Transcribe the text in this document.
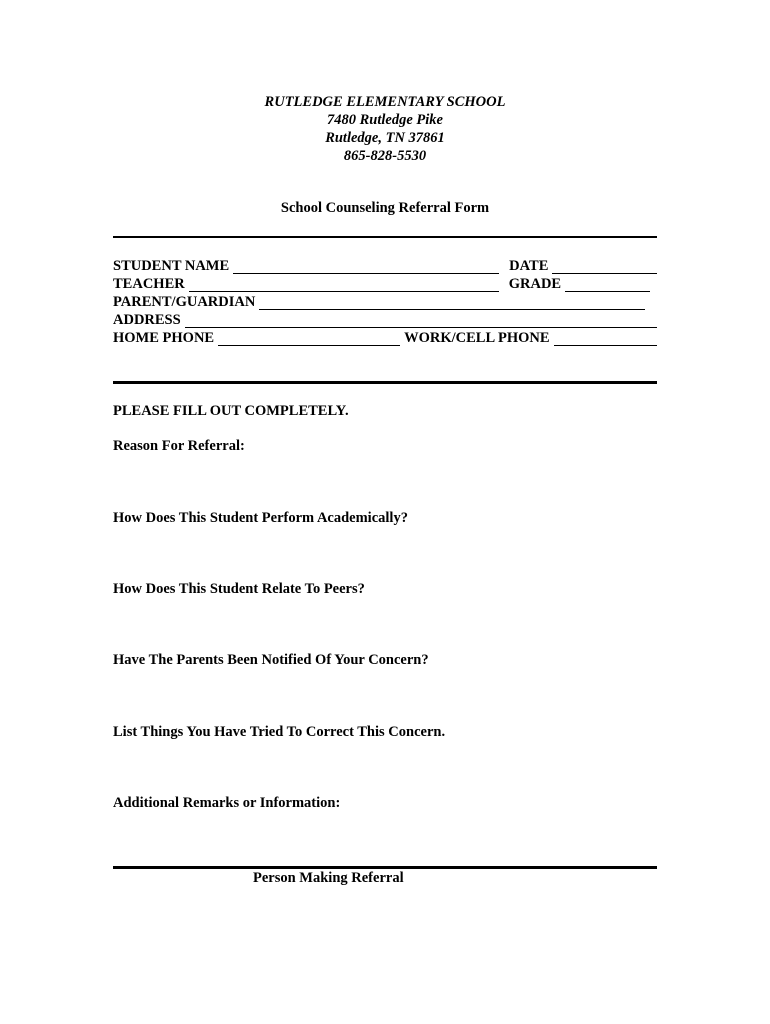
RUTLEDGE ELEMENTARY SCHOOL
7480 Rutledge Pike
Rutledge, TN 37861
865-828-5530
School Counseling Referral Form
STUDENT NAME	DATE
TEACHER	GRADE
PARENT/GUARDIAN
ADDRESS
HOME PHONE	WORK/CELL PHONE
PLEASE FILL OUT COMPLETELY.
Reason For Referral:
How Does This Student Perform Academically?
How Does This Student Relate To Peers?
Have The Parents Been Notified Of Your Concern?
List Things You Have Tried To Correct This Concern.
Additional Remarks or Information:
Person Making Referral
